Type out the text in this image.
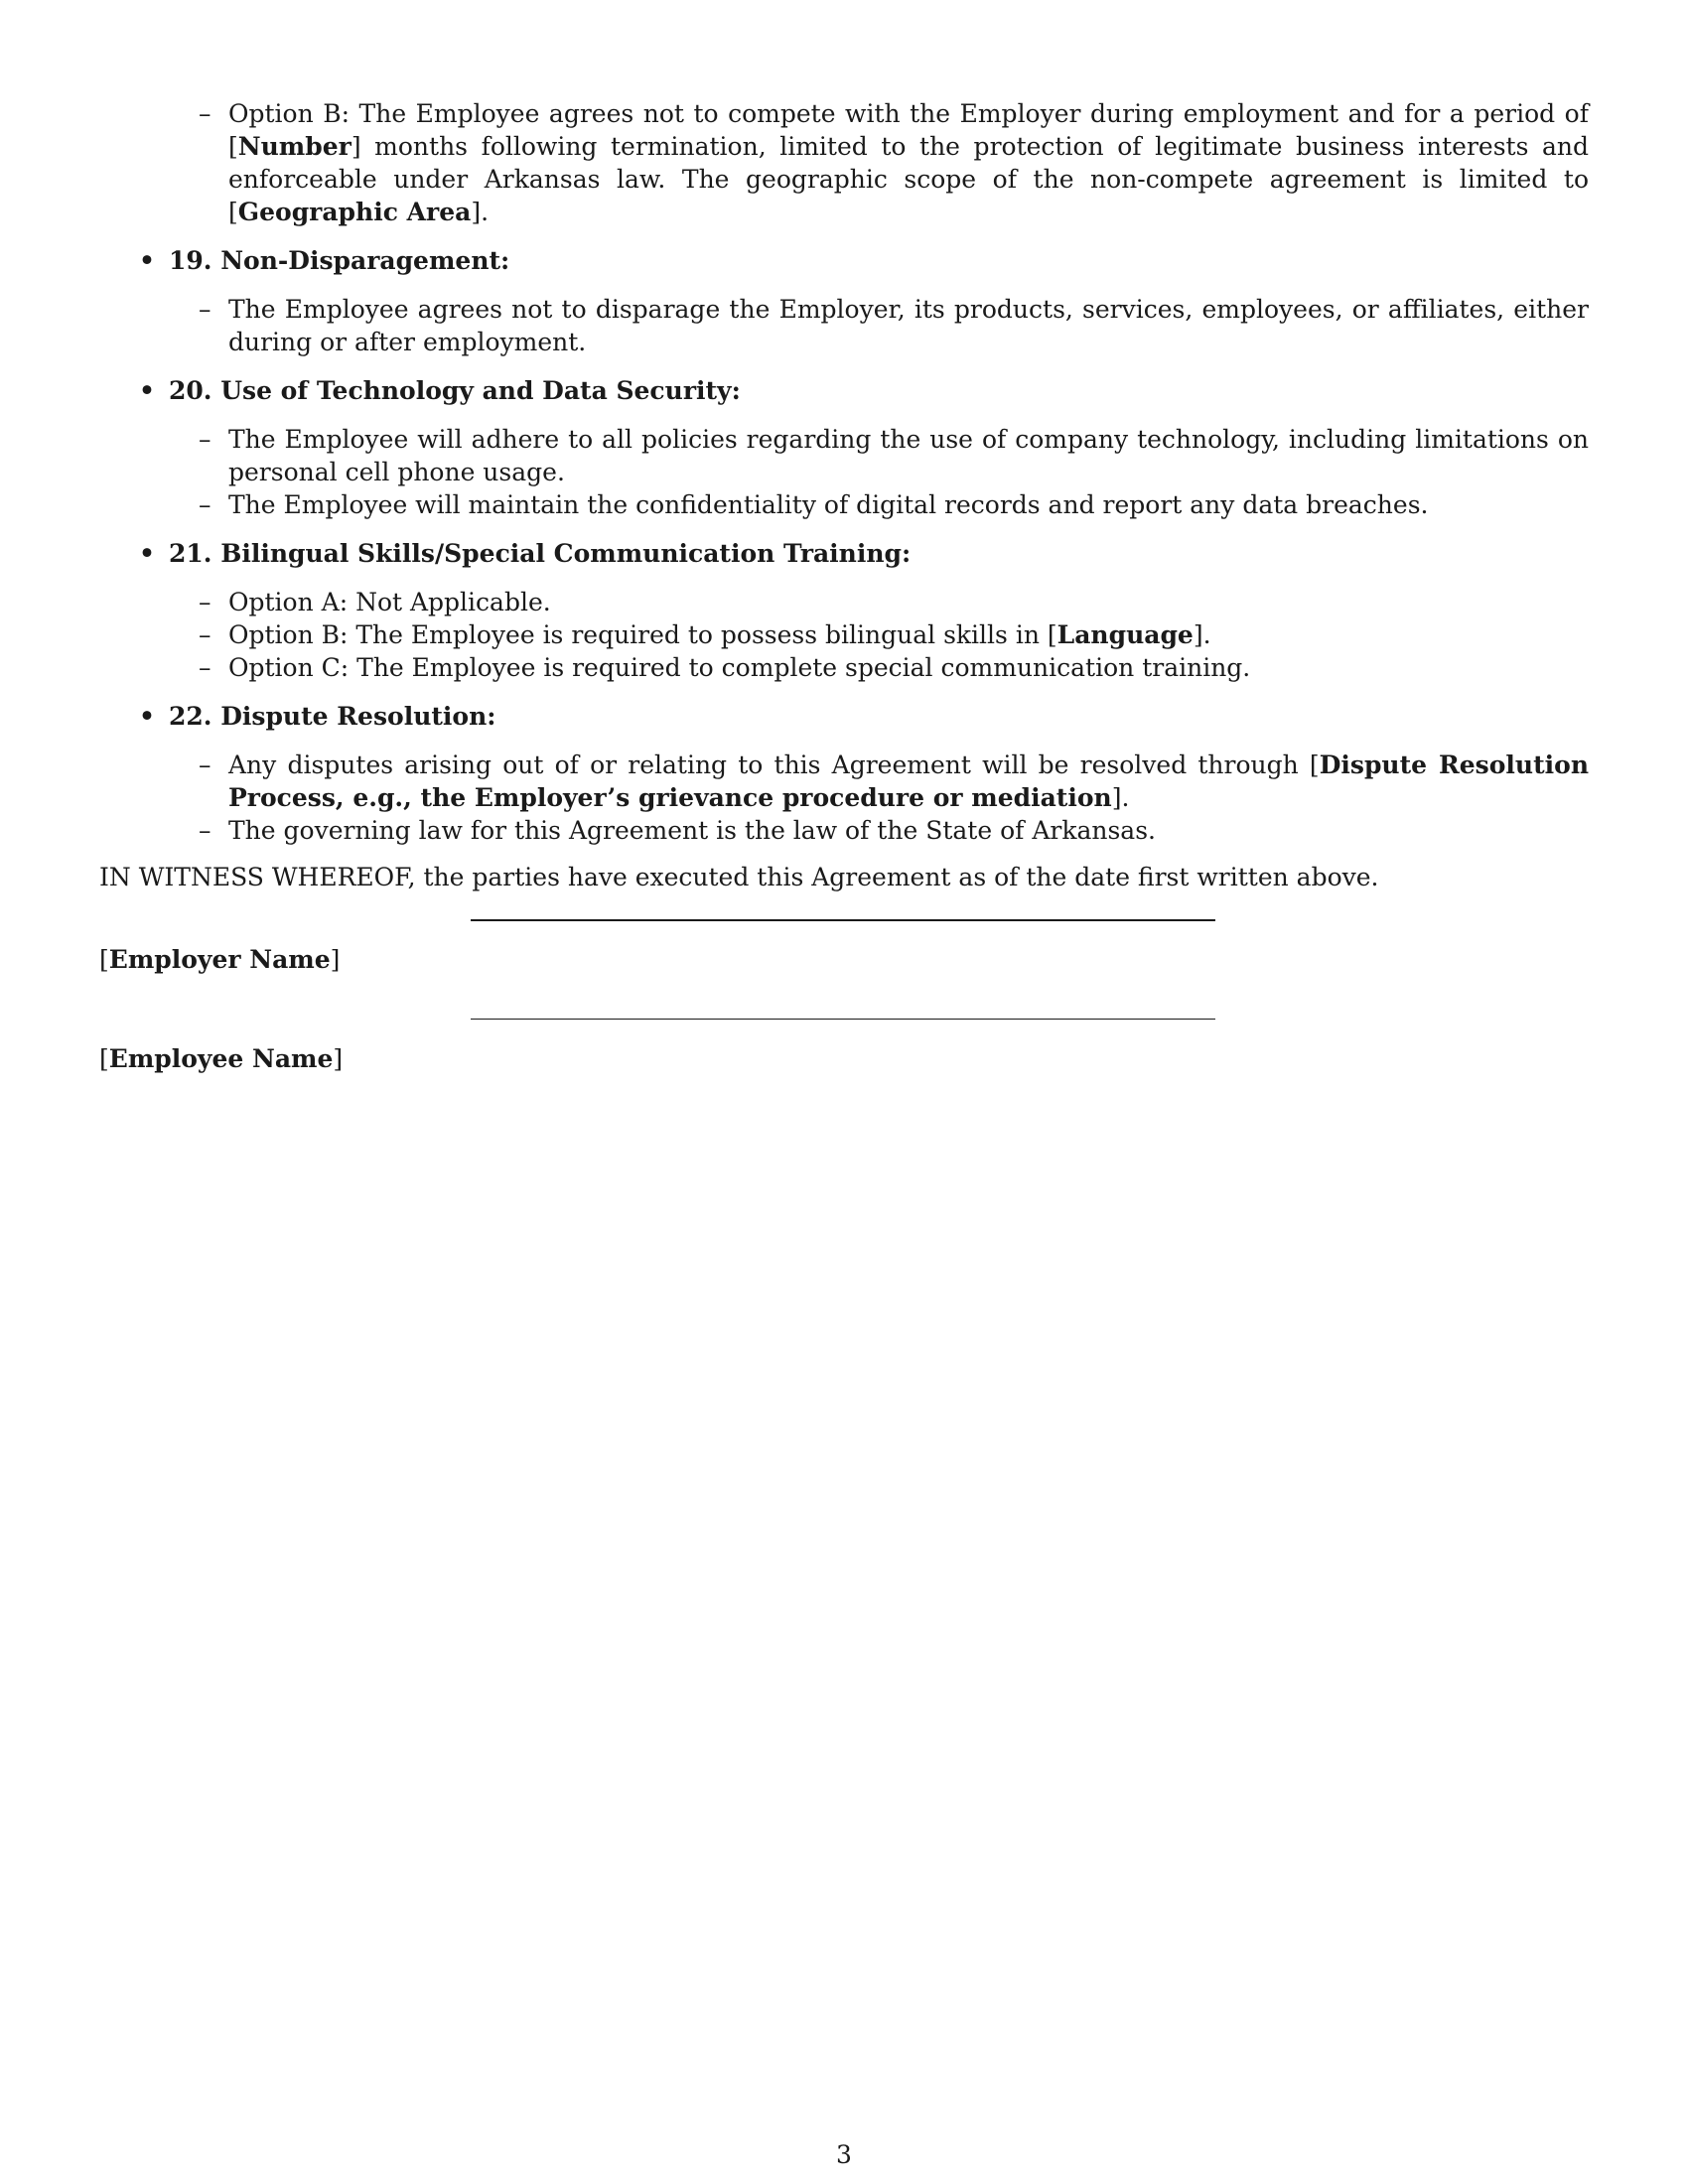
– Option B: The Employee agrees not to compete with the Employer during employment and for a period of [Number] months following termination, limited to the protection of legitimate business interests and enforceable under Arkansas law. The geographic scope of the non-compete agreement is limited to [Geographic Area].
• 19. Non-Disparagement:
– The Employee agrees not to disparage the Employer, its products, services, employees, or affiliates, either during or after employment.
• 20. Use of Technology and Data Security:
– The Employee will adhere to all policies regarding the use of company technology, including limitations on personal cell phone usage.
– The Employee will maintain the confidentiality of digital records and report any data breaches.
• 21. Bilingual Skills/Special Communication Training:
– Option A: Not Applicable.
– Option B: The Employee is required to possess bilingual skills in [Language].
– Option C: The Employee is required to complete special communication training.
• 22. Dispute Resolution:
– Any disputes arising out of or relating to this Agreement will be resolved through [Dispute Resolution Process, e.g., the Employer’s grievance procedure or mediation].
– The governing law for this Agreement is the law of the State of Arkansas.
IN WITNESS WHEREOF, the parties have executed this Agreement as of the date first written above.
[Employer Name]
[Employee Name]
3
